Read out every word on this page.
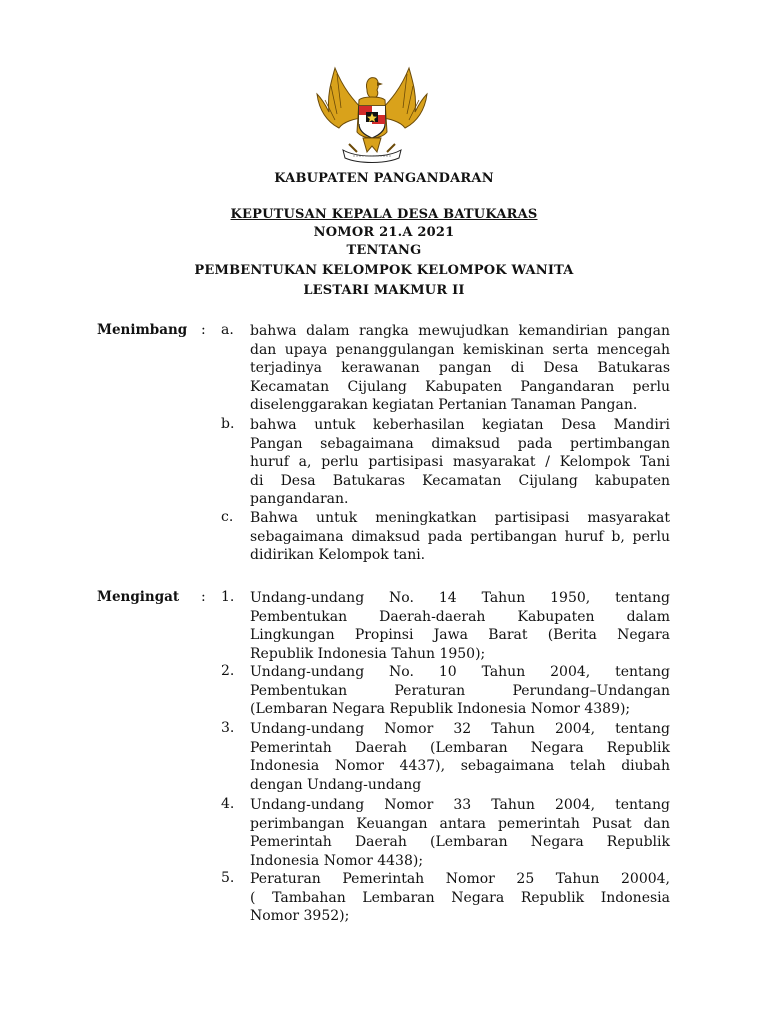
KABUPATEN PANGANDARAN
KEPUTUSAN KEPALA DESA BATUKARAS
NOMOR 21.A 2021
TENTANG
PEMBENTUKAN KELOMPOK KELOMPOK WANITA
LESTARI MAKMUR II
Menimbang : a. bahwa dalam rangka mewujudkan kemandirian pangan
dan upaya penanggulangan kemiskinan serta mencegah
terjadinya kerawanan pangan di Desa Batukaras
Kecamatan Cijulang Kabupaten Pangandaran perlu
diselenggarakan kegiatan Pertanian Tanaman Pangan.
b. bahwa untuk keberhasilan kegiatan Desa Mandiri
Pangan sebagaimana dimaksud pada pertimbangan
huruf a, perlu partisipasi masyarakat / Kelompok Tani
di Desa Batukaras Kecamatan Cijulang kabupaten
pangandaran.
c. Bahwa untuk meningkatkan partisipasi masyarakat
sebagaimana dimaksud pada pertibangan huruf b, perlu
didirikan Kelompok tani.
Mengingat : 1. Undang-undang No. 14 Tahun 1950, tentang
Pembentukan Daerah-daerah Kabupaten dalam
Lingkungan Propinsi Jawa Barat (Berita Negara
Republik Indonesia Tahun 1950);
2. Undang-undang No. 10 Tahun 2004, tentang
Pembentukan Peraturan Perundang–Undangan
(Lembaran Negara Republik Indonesia Nomor 4389);
3. Undang-undang Nomor 32 Tahun 2004, tentang
Pemerintah Daerah (Lembaran Negara Republik
Indonesia Nomor 4437), sebagaimana telah diubah
dengan Undang-undang
4. Undang-undang Nomor 33 Tahun 2004, tentang
perimbangan Keuangan antara pemerintah Pusat dan
Pemerintah Daerah (Lembaran Negara Republik
Indonesia Nomor 4438);
5. Peraturan Pemerintah Nomor 25 Tahun 20004,
( Tambahan Lembaran Negara Republik Indonesia
Nomor 3952);
